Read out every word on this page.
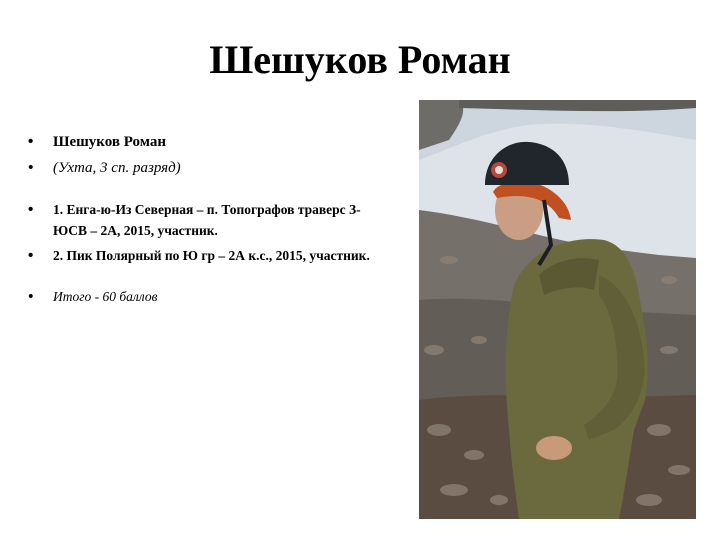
Шешуков Роман
• Шешуков Роман
• (Ухта, 3 сп. разряд)
• 1. Енга-ю-Из Северная – п. Топографов траверс З-ЮСВ – 2А, 2015, участник.
• 2. Пик Полярный по Ю гр – 2А к.с., 2015, участник.
• Итого - 60 баллов
